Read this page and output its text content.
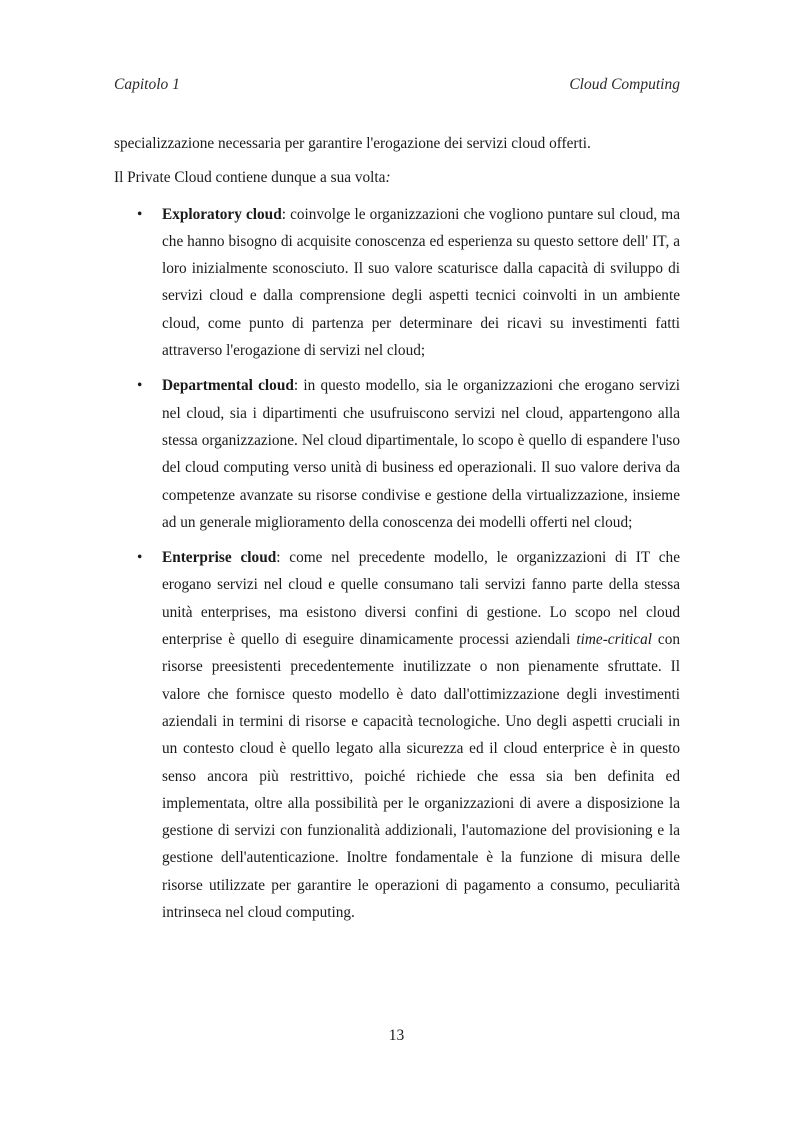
Capitolo 1	Cloud Computing

specializzazione necessaria per garantire l'erogazione dei servizi cloud offerti.

Il Private Cloud contiene dunque a sua volta:

• Exploratory cloud: coinvolge le organizzazioni che vogliono puntare sul cloud, ma che hanno bisogno di acquisite conoscenza ed esperienza su questo settore dell' IT, a loro inizialmente sconosciuto. Il suo valore scaturisce dalla capacità di sviluppo di servizi cloud e dalla comprensione degli aspetti tecnici coinvolti in un ambiente cloud, come punto di partenza per determinare dei ricavi su investimenti fatti attraverso l'erogazione di servizi nel cloud;
• Departmental cloud: in questo modello, sia le organizzazioni che erogano servizi nel cloud, sia i dipartimenti che usufruiscono servizi nel cloud, appartengono alla stessa organizzazione. Nel cloud dipartimentale, lo scopo è quello di espandere l'uso del cloud computing verso unità di business ed operazionali. Il suo valore deriva da competenze avanzate su risorse condivise e gestione della virtualizzazione, insieme ad un generale miglioramento della conoscenza dei modelli offerti nel cloud;
• Enterprise cloud: come nel precedente modello, le organizzazioni di IT che erogano servizi nel cloud e quelle consumano tali servizi fanno parte della stessa unità enterprises, ma esistono diversi confini di gestione. Lo scopo nel cloud enterprise è quello di eseguire dinamicamente processi aziendali time-critical con risorse preesistenti precedentemente inutilizzate o non pienamente sfruttate. Il valore che fornisce questo modello è dato dall'ottimizzazione degli investimenti aziendali in termini di risorse e capacità tecnologiche. Uno degli aspetti cruciali in un contesto cloud è quello legato alla sicurezza ed il cloud enterprice è in questo senso ancora più restrittivo, poiché richiede che essa sia ben definita ed implementata, oltre alla possibilità per le organizzazioni di avere a disposizione la gestione di servizi con funzionalità addizionali, l'automazione del provisioning e la gestione dell'autenticazione. Inoltre fondamentale è la funzione di misura delle risorse utilizzate per garantire le operazioni di pagamento a consumo, peculiarità intrinseca nel cloud computing.
13
